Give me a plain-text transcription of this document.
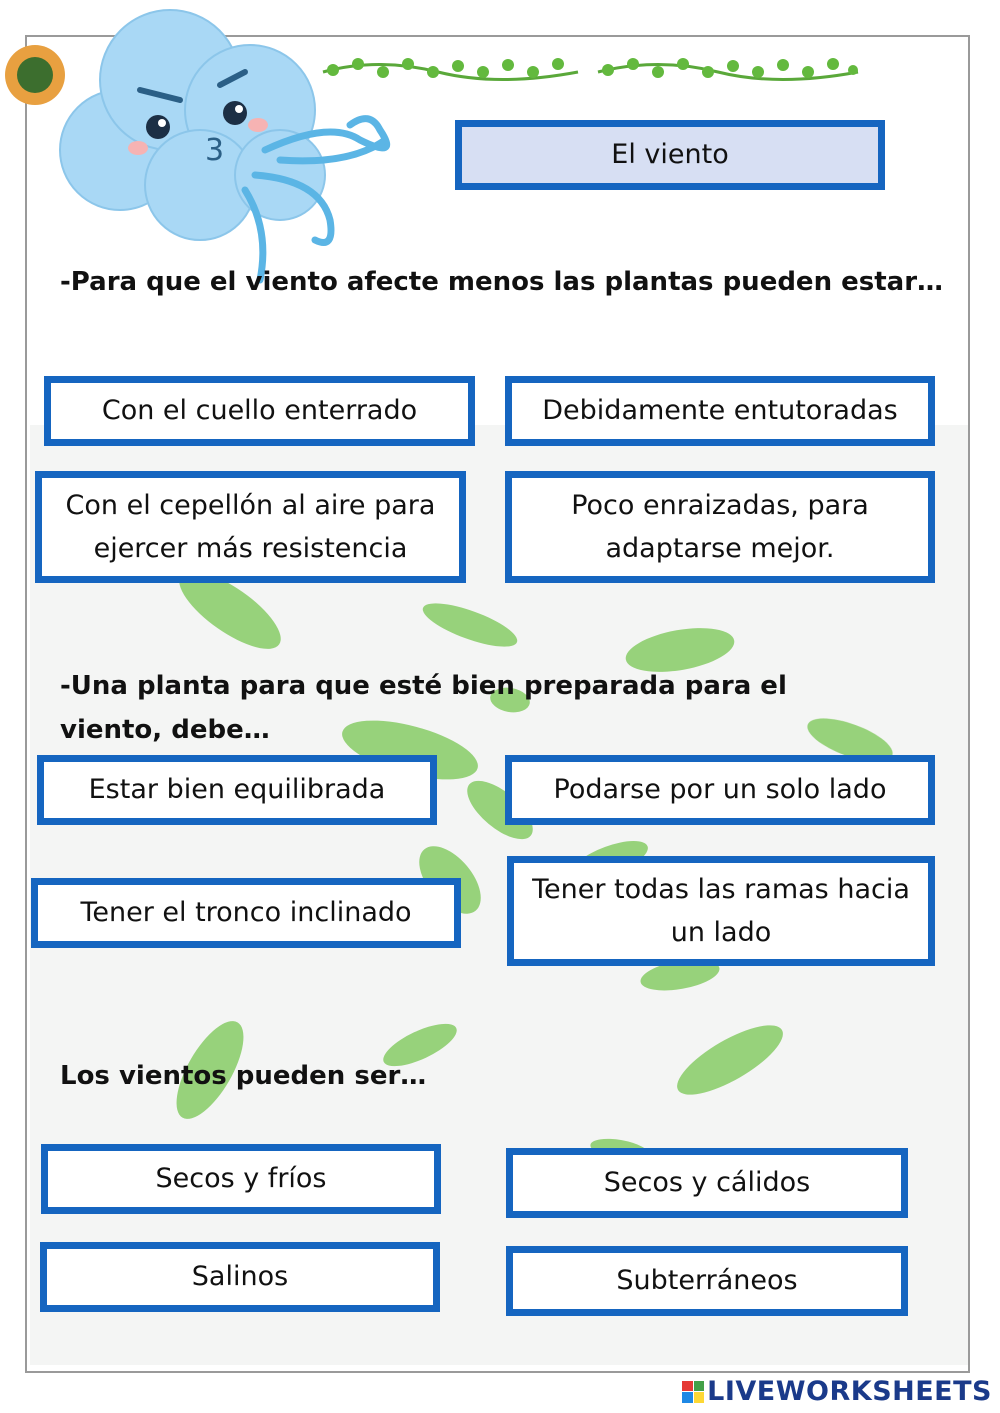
3	El viento
-Para que el viento afecte menos las plantas pueden estar…
Con el cuello enterrado	Debidamente entutoradas
Con el cepellón al aire para ejercer más resistencia
Poco enraizadas, para adaptarse mejor.
-Una planta para que esté bien preparada para el viento, debe…
Estar bien equilibrada	Podarse por un solo lado
Tener el tronco inclinado
Tener todas las ramas hacia un lado
Los vientos pueden ser…
Secos y fríos	Secos y cálidos
Salinos	Subterráneos
LIVEWORKSHEETS
